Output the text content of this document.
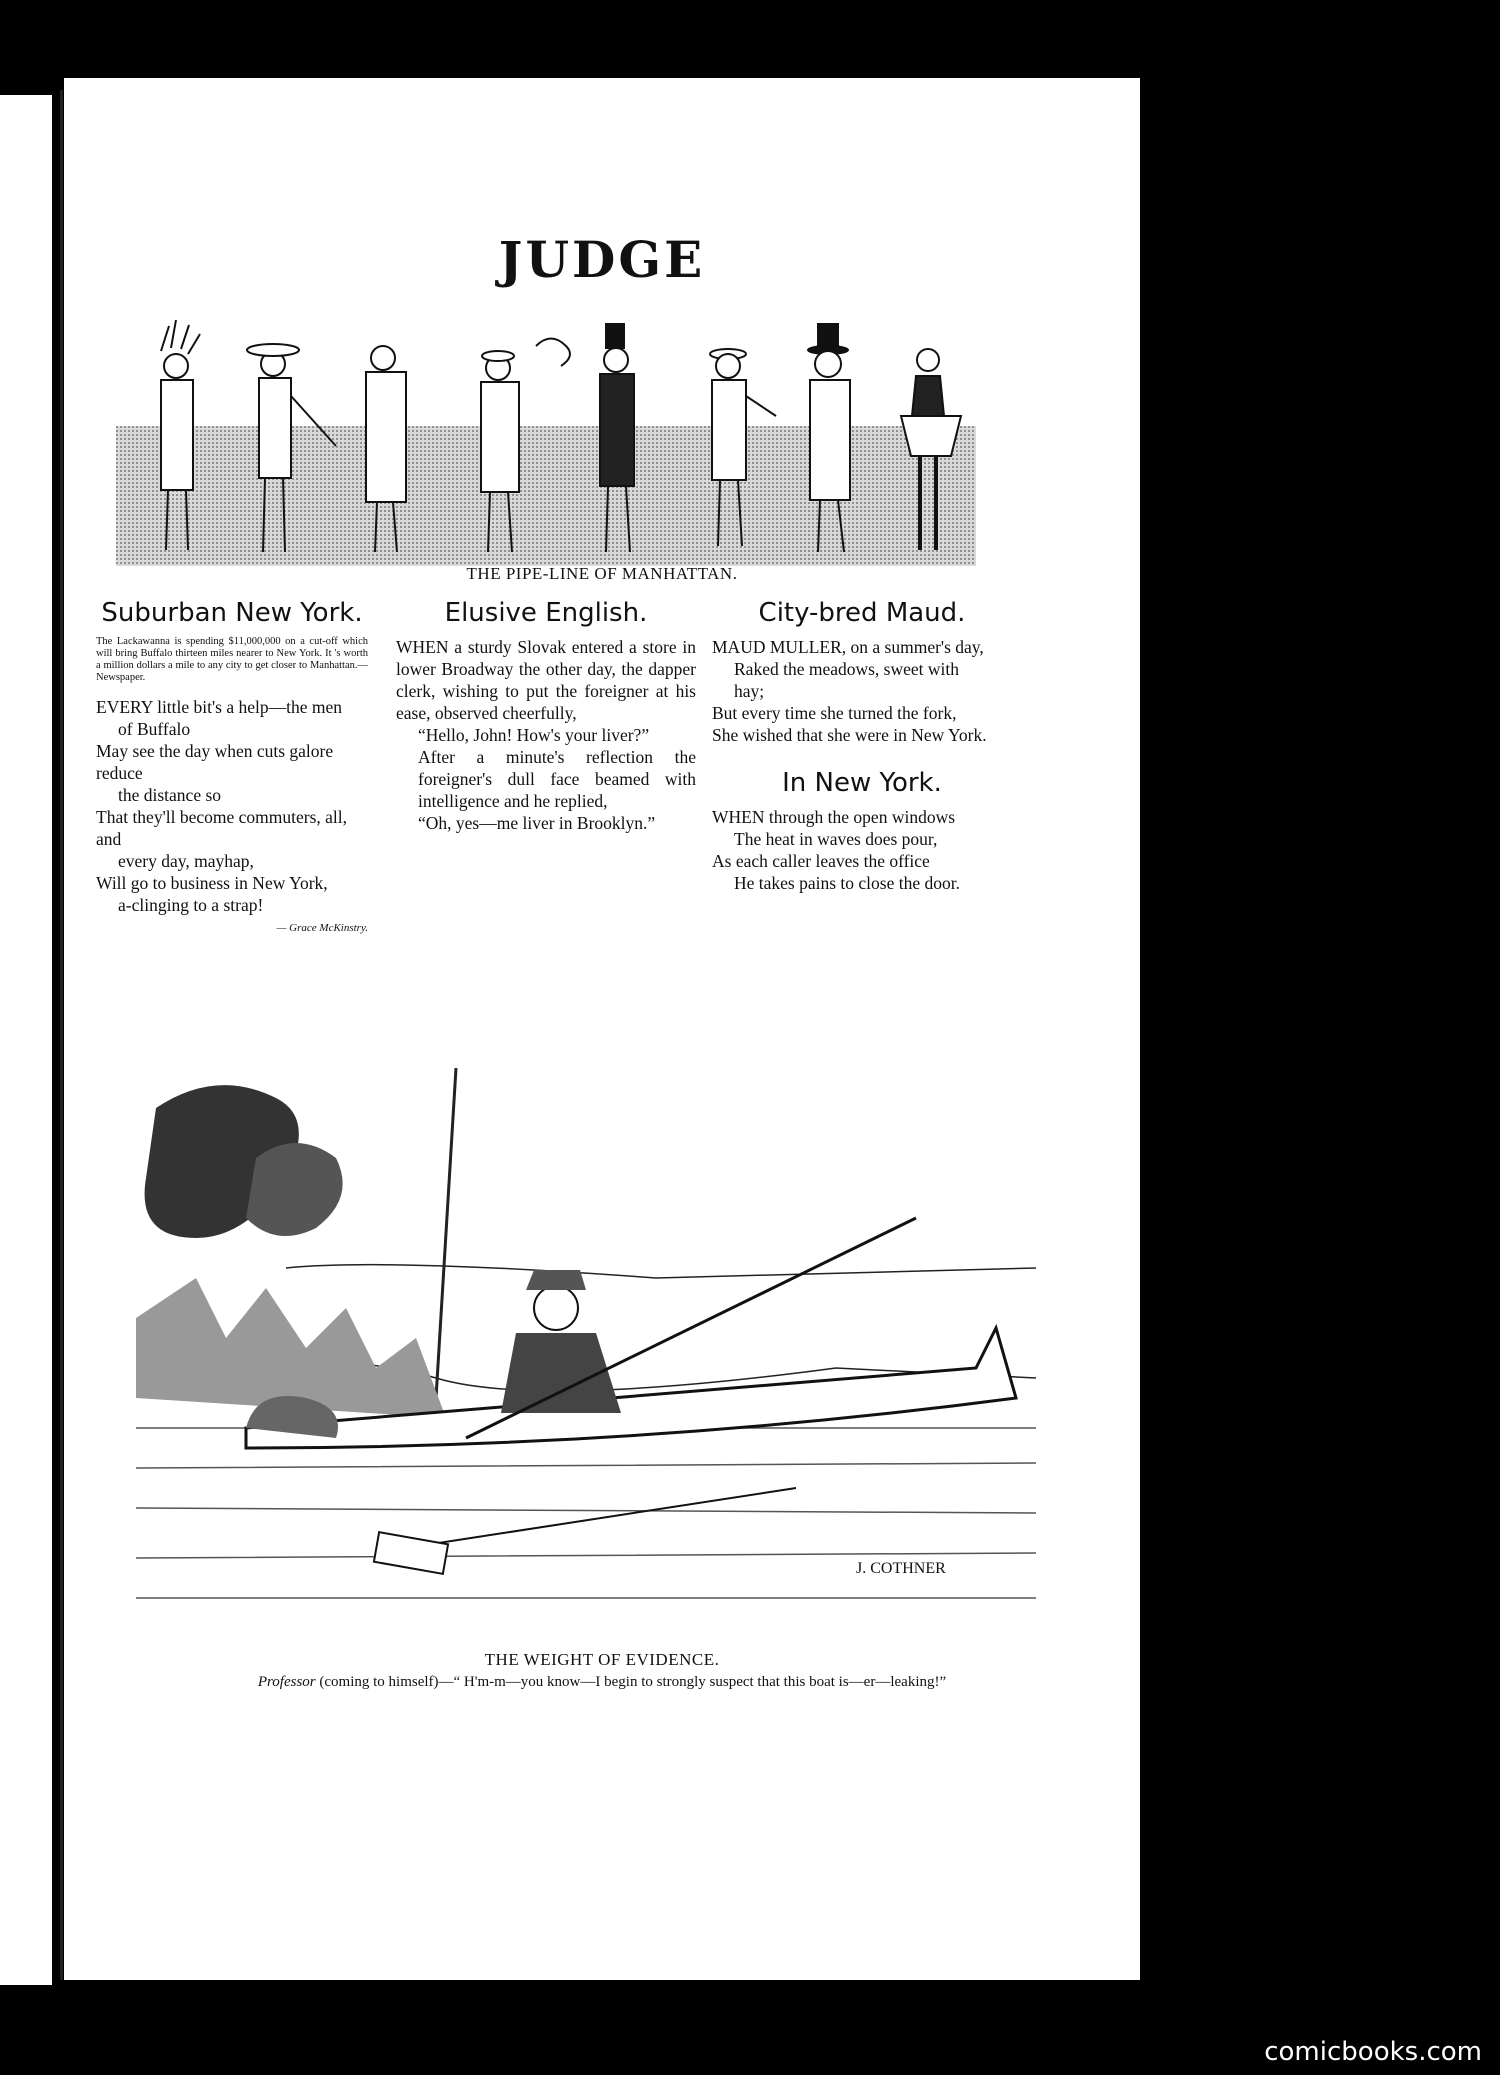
JUDGE
THE PIPE-LINE OF MANHATTAN.
Suburban New York.
The Lackawanna is spending $11,000,000 on a cut-off which will bring Buffalo thirteen miles nearer to New York. It 's worth a million dollars a mile to any city to get closer to Manhattan.—Newspaper.

EVERY little bit's a help—the men

of Buffalo

May see the day when cuts galore reduce

the distance so

That they'll become commuters, all, and

every day, mayhap,

Will go to business in New York,

a-clinging to a strap!

— Grace McKinstry.
Elusive English.

WHEN a sturdy Slovak entered a store in lower Broadway the other day, the dapper clerk, wishing to put the foreigner at his ease, observed cheerfully,

“Hello, John! How's your liver?”

After a minute's reflection the foreigner's dull face beamed with intelligence and he replied,

“Oh, yes—me liver in Brooklyn.”

City-bred Maud.

MAUD MULLER, on a summer's day,

Raked the meadows, sweet with

hay;

But every time she turned the fork,

She wished that she were in New York.

In New York.

WHEN through the open windows

The heat in waves does pour,

As each caller leaves the office

He takes pains to close the door.

J. COTHNER
THE WEIGHT OF EVIDENCE.
Professor (coming to himself)—“ H'm-m—you know—I begin to strongly suspect that this boat is—er—leaking!”
comicbooks.com
